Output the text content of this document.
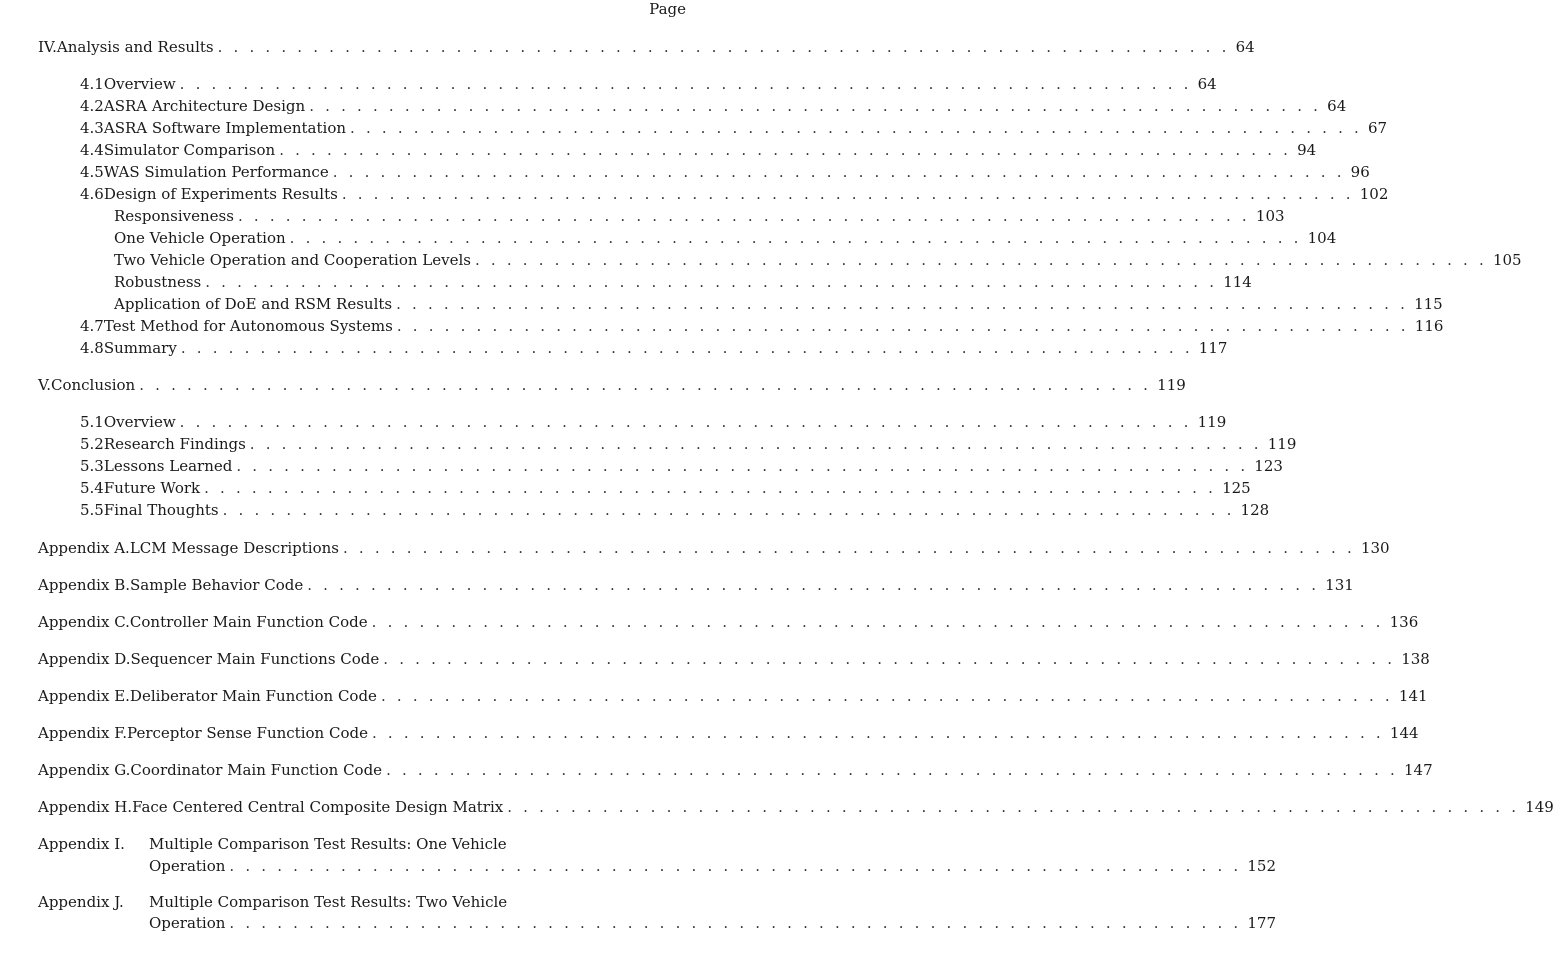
Page
IV. Analysis and Results . . . . . . . . . . . . . . . . . . . . . . . . . . . . . . . . . . . . . . . . . . . . . . . . . . . . . . . . . . . . . . . . 64
4.1 Overview . . . . . . . . . . . . . . . . . . . . . . . . . . . . . . . . . . . . . . . . . . . . . . . . . . . . . . . . . . . . . . . . 64
4.2 ASRA Architecture Design . . . . . . . . . . . . . . . . . . . . . . . . . . . . . . . . . . . . . . . . . . . . . . . . . . . . . . . . . . . . . . . . 64
4.3 ASRA Software Implementation . . . . . . . . . . . . . . . . . . . . . . . . . . . . . . . . . . . . . . . . . . . . . . . . . . . . . . . . . . . . . . . . 67
4.4 Simulator Comparison . . . . . . . . . . . . . . . . . . . . . . . . . . . . . . . . . . . . . . . . . . . . . . . . . . . . . . . . . . . . . . . . 94
4.5 WAS Simulation Performance . . . . . . . . . . . . . . . . . . . . . . . . . . . . . . . . . . . . . . . . . . . . . . . . . . . . . . . . . . . . . . . . 96
4.6 Design of Experiments Results . . . . . . . . . . . . . . . . . . . . . . . . . . . . . . . . . . . . . . . . . . . . . . . . . . . . . . . . . . . . . . . . 102
Responsiveness . . . . . . . . . . . . . . . . . . . . . . . . . . . . . . . . . . . . . . . . . . . . . . . . . . . . . . . . . . . . . . . . 103
One Vehicle Operation . . . . . . . . . . . . . . . . . . . . . . . . . . . . . . . . . . . . . . . . . . . . . . . . . . . . . . . . . . . . . . . . 104
Two Vehicle Operation and Cooperation Levels . . . . . . . . . . . . . . . . . . . . . . . . . . . . . . . . . . . . . . . . . . . . . . . . . . . . . . . . . . . . . . . . 105
Robustness . . . . . . . . . . . . . . . . . . . . . . . . . . . . . . . . . . . . . . . . . . . . . . . . . . . . . . . . . . . . . . . . 114
Application of DoE and RSM Results . . . . . . . . . . . . . . . . . . . . . . . . . . . . . . . . . . . . . . . . . . . . . . . . . . . . . . . . . . . . . . . . 115
4.7 Test Method for Autonomous Systems . . . . . . . . . . . . . . . . . . . . . . . . . . . . . . . . . . . . . . . . . . . . . . . . . . . . . . . . . . . . . . . . 116
4.8 Summary . . . . . . . . . . . . . . . . . . . . . . . . . . . . . . . . . . . . . . . . . . . . . . . . . . . . . . . . . . . . . . . . 117
V. Conclusion . . . . . . . . . . . . . . . . . . . . . . . . . . . . . . . . . . . . . . . . . . . . . . . . . . . . . . . . . . . . . . . . 119
5.1 Overview . . . . . . . . . . . . . . . . . . . . . . . . . . . . . . . . . . . . . . . . . . . . . . . . . . . . . . . . . . . . . . . . 119
5.2 Research Findings . . . . . . . . . . . . . . . . . . . . . . . . . . . . . . . . . . . . . . . . . . . . . . . . . . . . . . . . . . . . . . . . 119
5.3 Lessons Learned . . . . . . . . . . . . . . . . . . . . . . . . . . . . . . . . . . . . . . . . . . . . . . . . . . . . . . . . . . . . . . . . 123
5.4 Future Work . . . . . . . . . . . . . . . . . . . . . . . . . . . . . . . . . . . . . . . . . . . . . . . . . . . . . . . . . . . . . . . . 125
5.5 Final Thoughts . . . . . . . . . . . . . . . . . . . . . . . . . . . . . . . . . . . . . . . . . . . . . . . . . . . . . . . . . . . . . . . . 128
Appendix A. LCM Message Descriptions . . . . . . . . . . . . . . . . . . . . . . . . . . . . . . . . . . . . . . . . . . . . . . . . . . . . . . . . . . . . . . . . 130
Appendix B. Sample Behavior Code . . . . . . . . . . . . . . . . . . . . . . . . . . . . . . . . . . . . . . . . . . . . . . . . . . . . . . . . . . . . . . . . 131
Appendix C. Controller Main Function Code . . . . . . . . . . . . . . . . . . . . . . . . . . . . . . . . . . . . . . . . . . . . . . . . . . . . . . . . . . . . . . . . 136
Appendix D. Sequencer Main Functions Code . . . . . . . . . . . . . . . . . . . . . . . . . . . . . . . . . . . . . . . . . . . . . . . . . . . . . . . . . . . . . . . . 138
Appendix E. Deliberator Main Function Code . . . . . . . . . . . . . . . . . . . . . . . . . . . . . . . . . . . . . . . . . . . . . . . . . . . . . . . . . . . . . . . . 141
Appendix F. Perceptor Sense Function Code . . . . . . . . . . . . . . . . . . . . . . . . . . . . . . . . . . . . . . . . . . . . . . . . . . . . . . . . . . . . . . . . 144
Appendix G. Coordinator Main Function Code . . . . . . . . . . . . . . . . . . . . . . . . . . . . . . . . . . . . . . . . . . . . . . . . . . . . . . . . . . . . . . . . 147
Appendix H. Face Centered Central Composite Design Matrix . . . . . . . . . . . . . . . . . . . . . . . . . . . . . . . . . . . . . . . . . . . . . . . . . . . . . . . . . . . . . . . . 149
Appendix I. Multiple Comparison Test Results: One Vehicle
Operation . . . . . . . . . . . . . . . . . . . . . . . . . . . . . . . . . . . . . . . . . . . . . . . . . . . . . . . . . . . . . . . . 152
Appendix J. Multiple Comparison Test Results: Two Vehicle
Operation . . . . . . . . . . . . . . . . . . . . . . . . . . . . . . . . . . . . . . . . . . . . . . . . . . . . . . . . . . . . . . . . 177
